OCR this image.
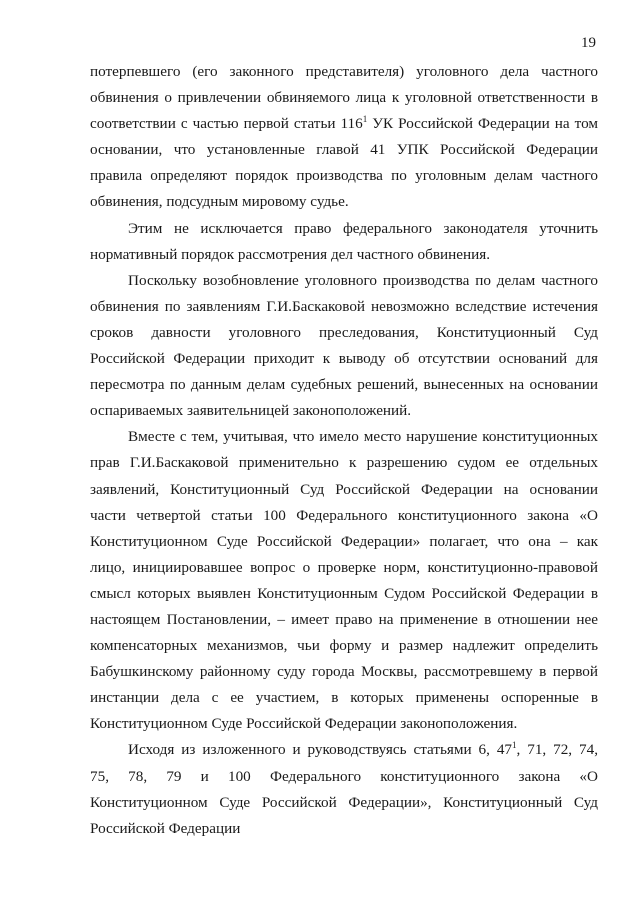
19
потерпевшего (его законного представителя) уголовного дела частного
обвинения о привлечении обвиняемого лица к уголовной ответственности в
соответствии с частью первой статьи $116^1$ УК Российской Федерации на том
основании, что установленные главой 41 УПК Российской Федерации
правила определяют порядок производства по уголовным делам частного
обвинения, подсудным мировому судье.
Этим не исключается право федерального законодателя уточнить
нормативный порядок рассмотрения дел частного обвинения.
Поскольку возобновление уголовного производства по делам частного
обвинения по заявлениям Г.И.Баскаковой невозможно вследствие истечения
сроков давности уголовного преследования, Конституционный Суд
Российской Федерации приходит к выводу об отсутствии оснований для
пересмотра по данным делам судебных решений, вынесенных на основании
оспариваемых заявительницей законоположений.
Вместе с тем, учитывая, что имело место нарушение конституционных
прав Г.И.Баскаковой применительно к разрешению судом ее отдельных
заявлений, Конституционный Суд Российской Федерации на основании
части четвертой статьи 100 Федерального конституционного закона «О
Конституционном Суде Российской Федерации» полагает, что она – как
лицо, инициировавшее вопрос о проверке норм, конституционно-правовой
смысл которых выявлен Конституционным Судом Российской Федерации в
настоящем Постановлении, – имеет право на применение в отношении нее
компенсаторных механизмов, чьи форму и размер надлежит определить
Бабушкинскому районному суду города Москвы, рассмотревшему в первой
инстанции дела с ее участием, в которых применены оспоренные в
Конституционном Суде Российской Федерации законоположения.
Исходя из изложенного и руководствуясь статьями 6, $47^1$, 71, 72, 74,
75, 78, 79 и 100 Федерального конституционного закона «О
Конституционном Суде Российской Федерации», Конституционный Суд
Российской Федерации
